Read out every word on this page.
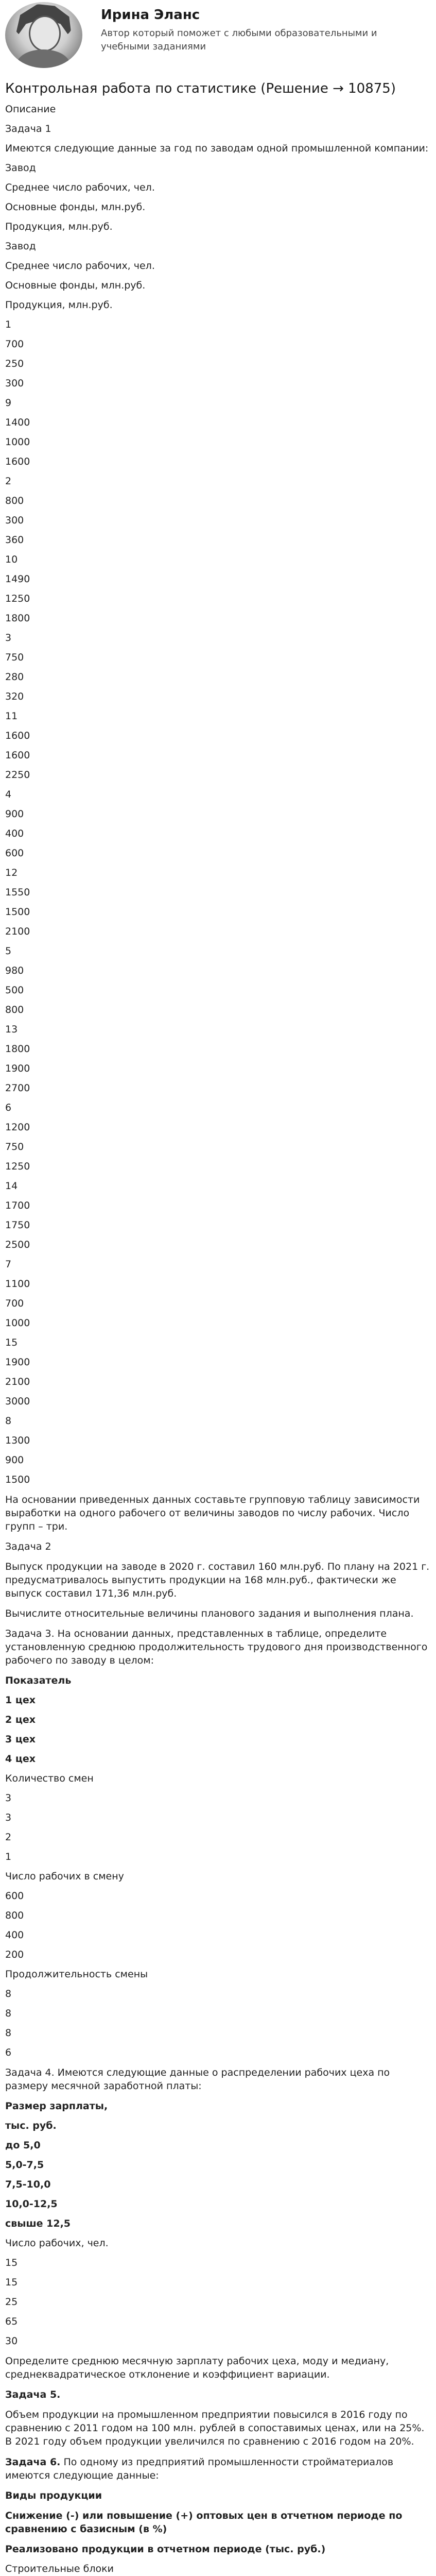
Ирина Эланс
Автор который поможет с любыми образовательными и учебными заданиями
Контрольная работа по статистике (Решение → 10875)
Описание
Задача 1
Имеются следующие данные за год по заводам одной промышленной компании:
Завод
Среднее число рабочих, чел.
Основные фонды, млн.руб.
Продукция, млн.руб.
Завод
Среднее число рабочих, чел.
Основные фонды, млн.руб.
Продукция, млн.руб.
1
700
250
300
9
1400
1000
1600
2
800
300
360
10
1490
1250
1800
3
750
280
320
11
1600
1600
2250
4
900
400
600
12
1550
1500
2100
5
980
500
800
13
1800
1900
2700
6
1200
750
1250
14
1700
1750
2500
7
1100
700
1000
15
1900
2100
3000
8
1300
900
1500
На основании приведенных данных составьте групповую таблицу зависимости выработки на одного рабочего от величины заводов по числу рабочих. Число групп – три.
Задача 2
Выпуск продукции на заводе в 2020 г. составил 160 млн.руб. По плану на 2021 г. предусматривалось выпустить продукции на 168 млн.руб., фактически же выпуск составил 171,36 млн.руб.
Вычислите относительные величины планового задания и выполнения плана.
Задача 3. На основании данных, представленных в таблице, определите установленную среднюю продолжительность трудового дня производственного рабочего по заводу в целом:
Показатель
1 цех
2 цех
3 цех
4 цех
Количество смен
3
3
2
1
Число рабочих в смену
600
800
400
200
Продолжительность смены
8
8
8
6
Задача 4. Имеются следующие данные о распределении рабочих цеха по размеру месячной заработной платы:
Размер зарплаты,
тыс. руб.
до 5,0
5,0-7,5
7,5-10,0
10,0-12,5
свыше 12,5
Число рабочих, чел.
15
15
25
65
30
Определите среднюю месячную зарплату рабочих цеха, моду и медиану, среднеквадратическое отклонение и коэффициент вариации.
Задача 5.
Объем продукции на промышленном предприятии повысился в 2016 году по сравнению с 2011 годом на 100 млн. рублей в сопоставимых ценах, или на 25%. В 2021 году объем продукции увеличился по сравнению с 2016 годом на 20%.
Задача 6. По одному из предприятий промышленности стройматериалов имеются следующие данные:
Виды продукции
Снижение (-) или повышение (+) оптовых цен в отчетном периоде по сравнению с базисным (в %)
Реализовано продукции в отчетном периоде (тыс. руб.)
Строительные блоки
